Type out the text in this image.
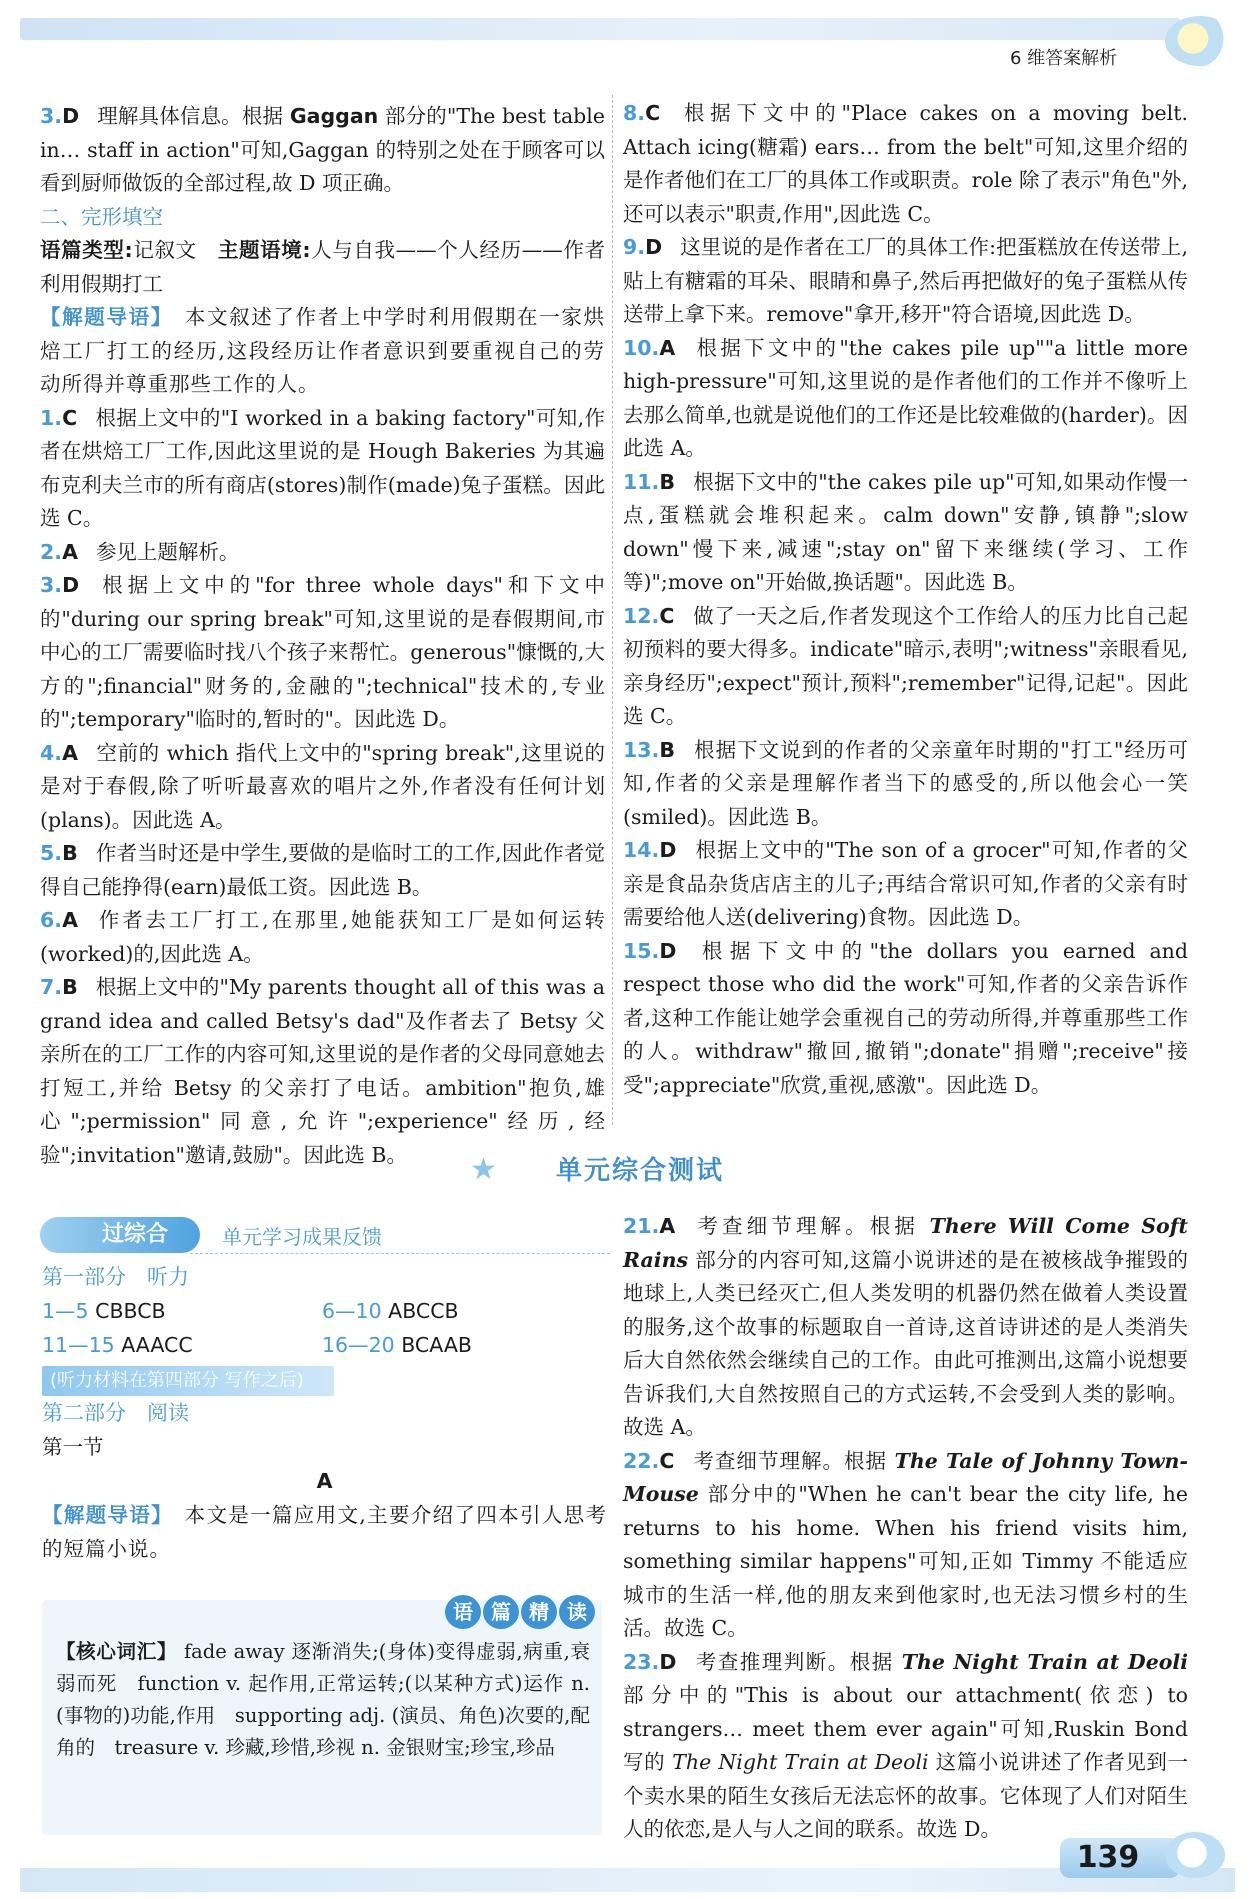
6 维答案解析

3.D 理解具体信息。根据 Gaggan 部分的"The best table in… staff in action"可知,Gaggan 的特别之处在于顾客可以看到厨师做饭的全部过程,故 D 项正确。

二、完形填空

语篇类型:记叙文　 主题语境:人与自我——个人经历——作者利用假期打工

【解题导语】　 本文叙述了作者上中学时利用假期在一家烘焙工厂打工的经历,这段经历让作者意识到要重视自己的劳动所得并尊重那些工作的人。

1.C 根据上文中的"I worked in a baking factory"可知,作者在烘焙工厂工作,因此这里说的是 Hough Bakeries 为其遍布克利夫兰市的所有商店(stores)制作(made)兔子蛋糕。因此选 C。

2.A 参见上题解析。

3.D 根据上文中的"for three whole days"和下文中的"during our spring break"可知,这里说的是春假期间,市中心的工厂需要临时找八个孩子来帮忙。generous"慷慨的,大方的";financial"财务的,金融的";technical"技术的,专业的";temporary"临时的,暂时的"。因此选 D。

4.A 空前的 which 指代上文中的"spring break",这里说的是对于春假,除了听听最喜欢的唱片之外,作者没有任何计划(plans)。因此选 A。

5.B 作者当时还是中学生,要做的是临时工的工作,因此作者觉得自己能挣得(earn)最低工资。因此选 B。

6.A 作者去工厂打工,在那里,她能获知工厂是如何运转(worked)的,因此选 A。

7.B 根据上文中的"My parents thought all of this was a grand idea and called Betsy's dad"及作者去了 Betsy 父亲所在的工厂工作的内容可知,这里说的是作者的父母同意她去打短工,并给 Betsy 的父亲打了电话。ambition"抱负,雄心";permission"同意,允许";experience"经历,经验";invitation"邀请,鼓励"。因此选 B。

8.C 根据下文中的"Place cakes on a moving belt. Attach icing(糖霜) ears… from the belt"可知,这里介绍的是作者他们在工厂的具体工作或职责。role 除了表示"角色"外,还可以表示"职责,作用",因此选 C。

9.D 这里说的是作者在工厂的具体工作:把蛋糕放在传送带上,贴上有糖霜的耳朵、眼睛和鼻子,然后再把做好的兔子蛋糕从传送带上拿下来。remove"拿开,移开"符合语境,因此选 D。

10.A 根据下文中的"the cakes pile up""a little more high-pressure"可知,这里说的是作者他们的工作并不像听上去那么简单,也就是说他们的工作还是比较难做的(harder)。因此选 A。

11.B 根据下文中的"the cakes pile up"可知,如果动作慢一点,蛋糕就会堆积起来。calm down"安静,镇静";slow down"慢下来,减速";stay on"留下来继续(学习、工作等)";move on"开始做,换话题"。因此选 B。

12.C 做了一天之后,作者发现这个工作给人的压力比自己起初预料的要大得多。indicate"暗示,表明";witness"亲眼看见,亲身经历";expect"预计,预料";remember"记得,记起"。因此选 C。

13.B 根据下文说到的作者的父亲童年时期的"打工"经历可知,作者的父亲是理解作者当下的感受的,所以他会心一笑(smiled)。因此选 B。

14.D 根据上文中的"The son of a grocer"可知,作者的父亲是食品杂货店店主的儿子;再结合常识可知,作者的父亲有时需要给他人送(delivering)食物。因此选 D。

15.D 根据下文中的"the dollars you earned and respect those who did the work"可知,作者的父亲告诉作者,这种工作能让她学会重视自己的劳动所得,并尊重那些工作的人。withdraw"撤回,撤销";donate"捐赠";receive"接受";appreciate"欣赏,重视,感激"。因此选 D。

★	单元综合测试
过综合	单元学习成果反馈

第一部分　听力

1—5 CBBCB	6—10 ABCCB
11—15 AAACC	16—20 BCAAB
(听力材料在第四部分 写作之后)

第二部分　阅读

第一节

A

【解题导语】　 本文是一篇应用文,主要介绍了四本引人思考的短篇小说。

【核心词汇】 fade away 逐渐消失;(身体)变得虚弱,病重,衰弱而死　function v. 起作用,正常运转;(以某种方式)运作 n. (事物的)功能,作用　supporting adj. (演员、角色)次要的,配角的　treasure v. 珍藏,珍惜,珍视 n. 金银财宝;珍宝,珍品

语 篇 精 读

21.A 考查细节理解。根据 There Will Come Soft Rains 部分的内容可知,这篇小说讲述的是在被核战争摧毁的地球上,人类已经灭亡,但人类发明的机器仍然在做着人类设置的服务,这个故事的标题取自一首诗,这首诗讲述的是人类消失后大自然依然会继续自己的工作。由此可推测出,这篇小说想要告诉我们,大自然按照自己的方式运转,不会受到人类的影响。故选 A。

22.C 考查细节理解。根据 The Tale of Johnny Town-Mouse 部分中的"When he can't bear the city life, he returns to his home. When his friend visits him, something similar happens"可知,正如 Timmy 不能适应城市的生活一样,他的朋友来到他家时,也无法习惯乡村的生活。故选 C。

23.D 考查推理判断。根据 The Night Train at Deoli 部分中的"This is about our attachment(依恋) to strangers… meet them ever again"可知,Ruskin Bond 写的 The Night Train at Deoli 这篇小说讲述了作者见到一个卖水果的陌生女孩后无法忘怀的故事。它体现了人们对陌生人的依恋,是人与人之间的联系。故选 D。

139
